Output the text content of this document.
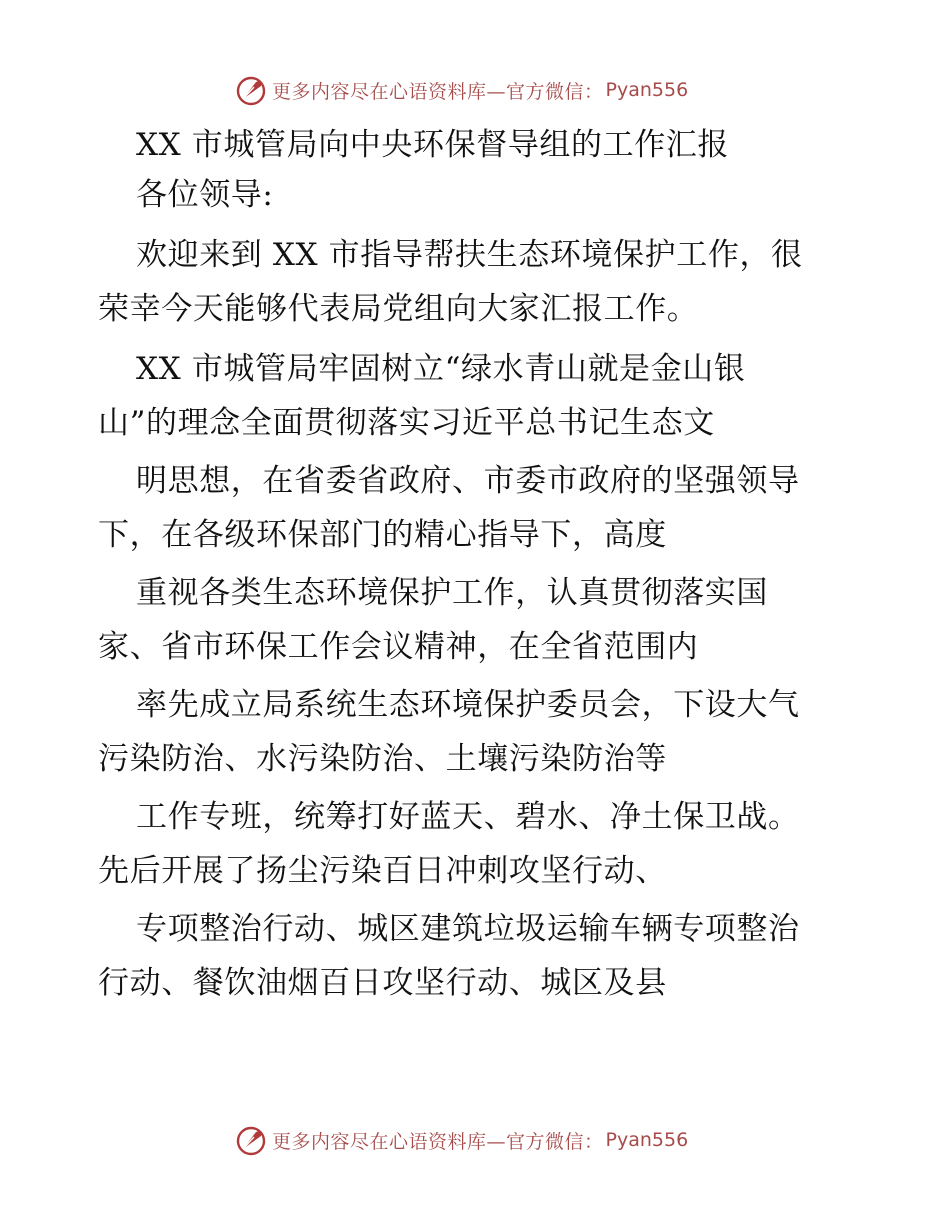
更多内容尽在心语资料库—官方微信： Pyan556
XX 市城管局向中央环保督导组的工作汇报
各位领导:
欢迎来到 XX 市指导帮扶生态环境保护工作，很
荣幸今天能够代表局党组向大家汇报工作。
XX 市城管局牢固树立“绿水青山就是金山银
山”的理念全面贯彻落实习近平总书记生态文
明思想，在省委省政府、市委市政府的坚强领导
下，在各级环保部门的精心指导下，高度
重视各类生态环境保护工作，认真贯彻落实国
家、省市环保工作会议精神，在全省范围内
率先成立局系统生态环境保护委员会，下设大气
污染防治、水污染防治、土壤污染防治等
工作专班，统筹打好蓝天、碧水、净土保卫战。
先后开展了扬尘污染百日冲刺攻坚行动、
专项整治行动、城区建筑垃圾运输车辆专项整治
行动、餐饮油烟百日攻坚行动、城区及县
更多内容尽在心语资料库—官方微信： Pyan556
